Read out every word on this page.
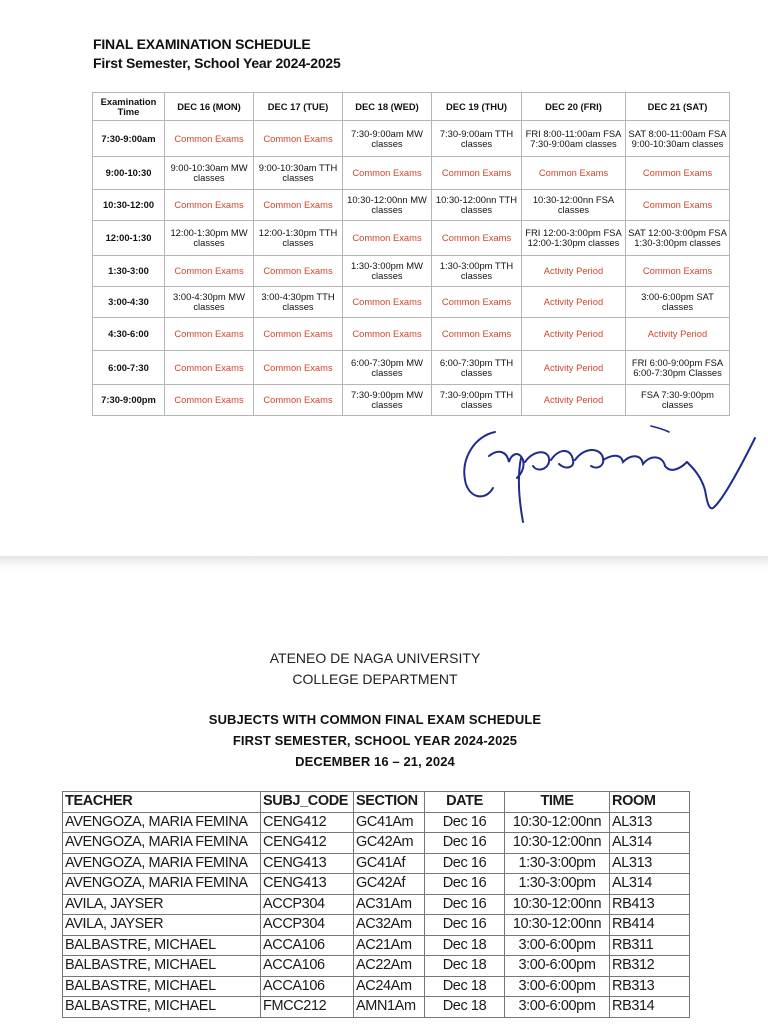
FINAL EXAMINATION SCHEDULE
First Semester, School Year 2024-2025
Examination Time	DEC 16 (MON)	DEC 17 (TUE)	DEC 18 (WED)	DEC 19 (THU)	DEC 20 (FRI)	DEC 21 (SAT)
7:30-9:00am	Common Exams	Common Exams	7:30-9:00am MW classes	7:30-9:00am TTH classes	FRI 8:00-11:00am FSA 7:30-9:00am classes	SAT 8:00-11:00am FSA 9:00-10:30am classes
9:00-10:30	9:00-10:30am MW classes	9:00-10:30am TTH classes	Common Exams	Common Exams	Common Exams	Common Exams
10:30-12:00	Common Exams	Common Exams	10:30-12:00nn MW classes	10:30-12:00nn TTH classes	10:30-12:00nn FSA classes	Common Exams
12:00-1:30	12:00-1:30pm MW classes	12:00-1:30pm TTH classes	Common Exams	Common Exams	FRI 12:00-3:00pm FSA 12:00-1:30pm classes	SAT 12:00-3:00pm FSA 1:30-3:00pm classes
1:30-3:00	Common Exams	Common Exams	1:30-3:00pm MW classes	1:30-3:00pm TTH classes	Activity Period	Common Exams
3:00-4:30	3:00-4:30pm MW classes	3:00-4:30pm TTH classes	Common Exams	Common Exams	Activity Period	3:00-6:00pm SAT classes
4:30-6:00	Common Exams	Common Exams	Common Exams	Common Exams	Activity Period	Activity Period
6:00-7:30	Common Exams	Common Exams	6:00-7:30pm MW classes	6:00-7:30pm TTH classes	Activity Period	FRI 6:00-9:00pm FSA 6:00-7:30pm Classes
7:30-9:00pm	Common Exams	Common Exams	7:30-9:00pm MW classes	7:30-9:00pm TTH classes	Activity Period	FSA 7:30-9:00pm classes
ATENEO DE NAGA UNIVERSITY
COLLEGE DEPARTMENT
SUBJECTS WITH COMMON FINAL EXAM SCHEDULE
FIRST SEMESTER, SCHOOL YEAR 2024-2025
DECEMBER 16 – 21, 2024
TEACHER	SUBJ_CODE	SECTION	DATE	TIME	ROOM
AVENGOZA, MARIA FEMINA	CENG412	GC41Am	Dec 16	10:30-12:00nn	AL313
AVENGOZA, MARIA FEMINA	CENG412	GC42Am	Dec 16	10:30-12:00nn	AL314
AVENGOZA, MARIA FEMINA	CENG413	GC41Af	Dec 16	1:30-3:00pm	AL313
AVENGOZA, MARIA FEMINA	CENG413	GC42Af	Dec 16	1:30-3:00pm	AL314
AVILA, JAYSER	ACCP304	AC31Am	Dec 16	10:30-12:00nn	RB413
AVILA, JAYSER	ACCP304	AC32Am	Dec 16	10:30-12:00nn	RB414
BALBASTRE, MICHAEL	ACCA106	AC21Am	Dec 18	3:00-6:00pm	RB311
BALBASTRE, MICHAEL	ACCA106	AC22Am	Dec 18	3:00-6:00pm	RB312
BALBASTRE, MICHAEL	ACCA106	AC24Am	Dec 18	3:00-6:00pm	RB313
BALBASTRE, MICHAEL	FMCC212	AMN1Am	Dec 18	3:00-6:00pm	RB314
